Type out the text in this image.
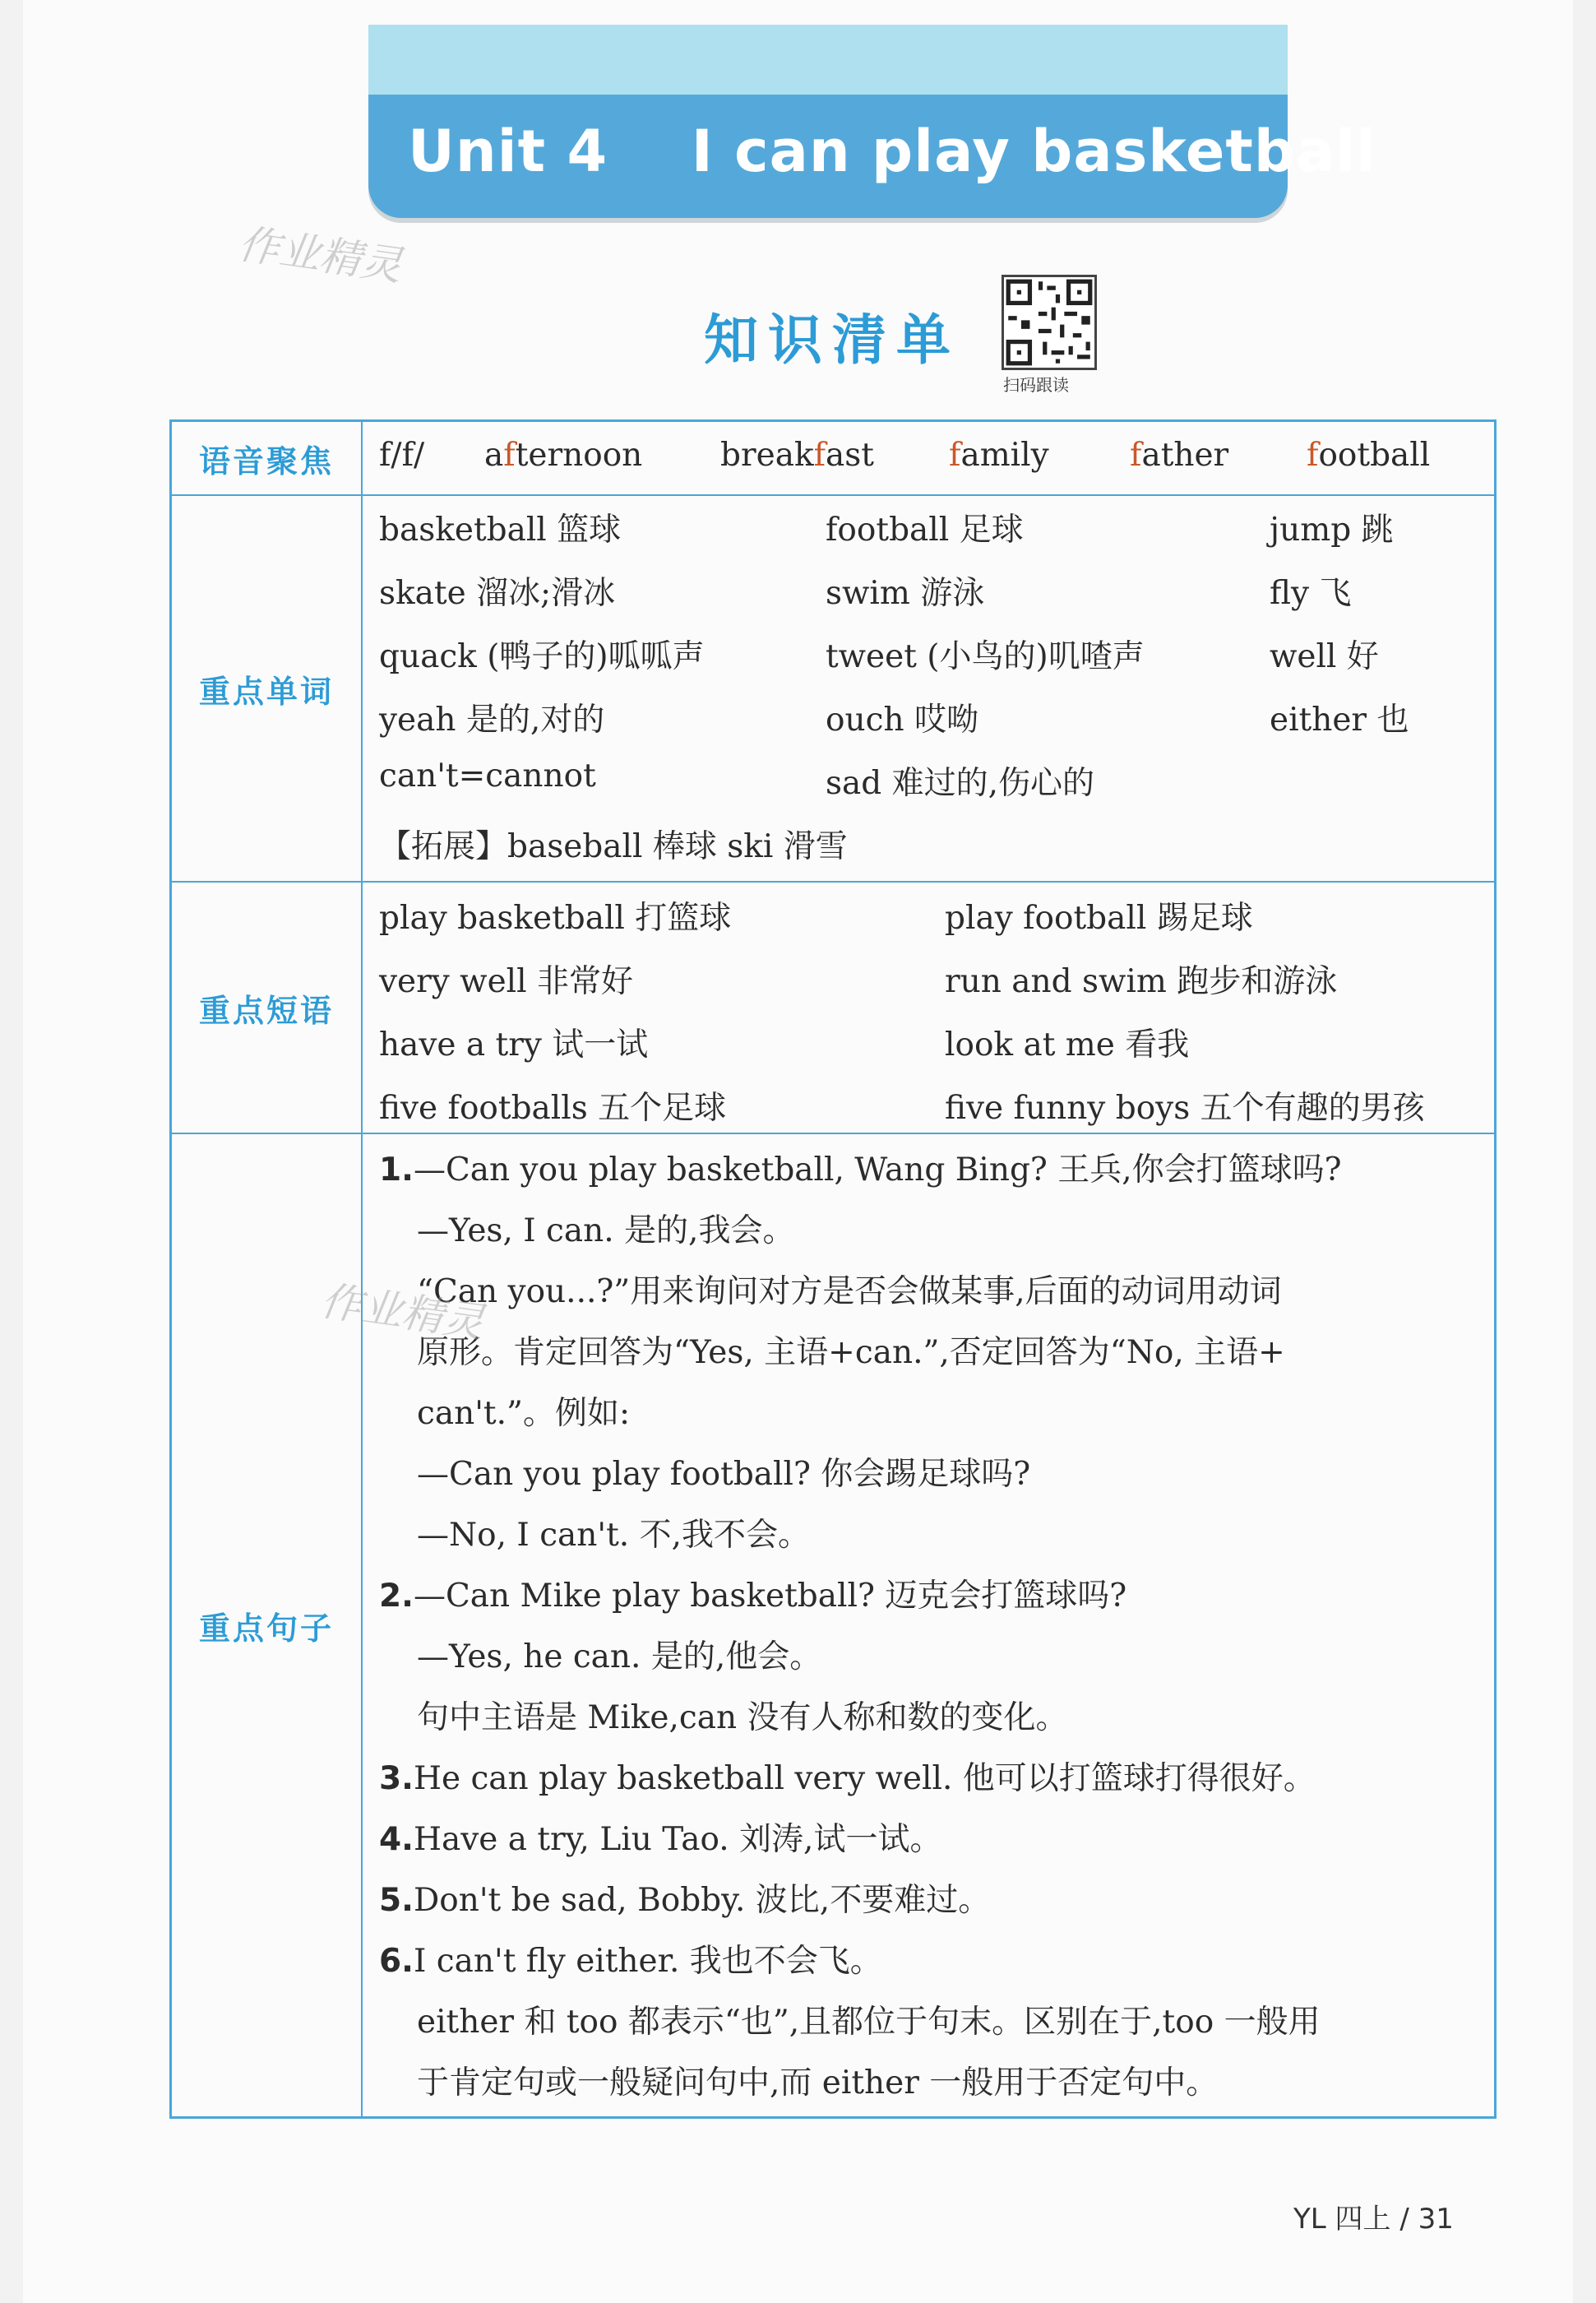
Unit 4    I can play basketball
作业精灵
知识清单
扫码跟读
语音聚焦	f/f/ afternoon breakfast family	father football
重点单词
basketball 篮球
skate 溜冰;滑冰
quack (鸭子的)呱呱声
yeah 是的,对的
can't=cannot
football 足球
swim 游泳
tweet (小鸟的)叽喳声
ouch 哎呦
sad 难过的,伤心的
jump 跳
fly 飞
well 好
either 也
【拓展】baseball 棒球 ski 滑雪
重点短语
play basketball 打篮球
very well 非常好
have a try 试一试
five footballs 五个足球
play football 踢足球
run and swim 跑步和游泳
look at me 看我
five funny boys 五个有趣的男孩
重点句子
1.—Can you play basketball, Wang Bing? 王兵,你会打篮球吗?
—Yes, I can. 是的,我会。
“Can you...?”用来询问对方是否会做某事,后面的动词用动词
原形。肯定回答为“Yes, 主语+can.”,否定回答为“No, 主语+
can't.”。例如:
—Can you play football? 你会踢足球吗?
—No, I can't. 不,我不会。
2.—Can Mike play basketball? 迈克会打篮球吗?
—Yes, he can. 是的,他会。
句中主语是 Mike,can 没有人称和数的变化。
3.He can play basketball very well. 他可以打篮球打得很好。
4.Have a try, Liu Tao. 刘涛,试一试。
5.Don't be sad, Bobby. 波比,不要难过。
6.I can't fly either. 我也不会飞。
either 和 too 都表示“也”,且都位于句末。区别在于,too 一般用
于肯定句或一般疑问句中,而 either 一般用于否定句中。
作业精灵
YL 四上 / 31
